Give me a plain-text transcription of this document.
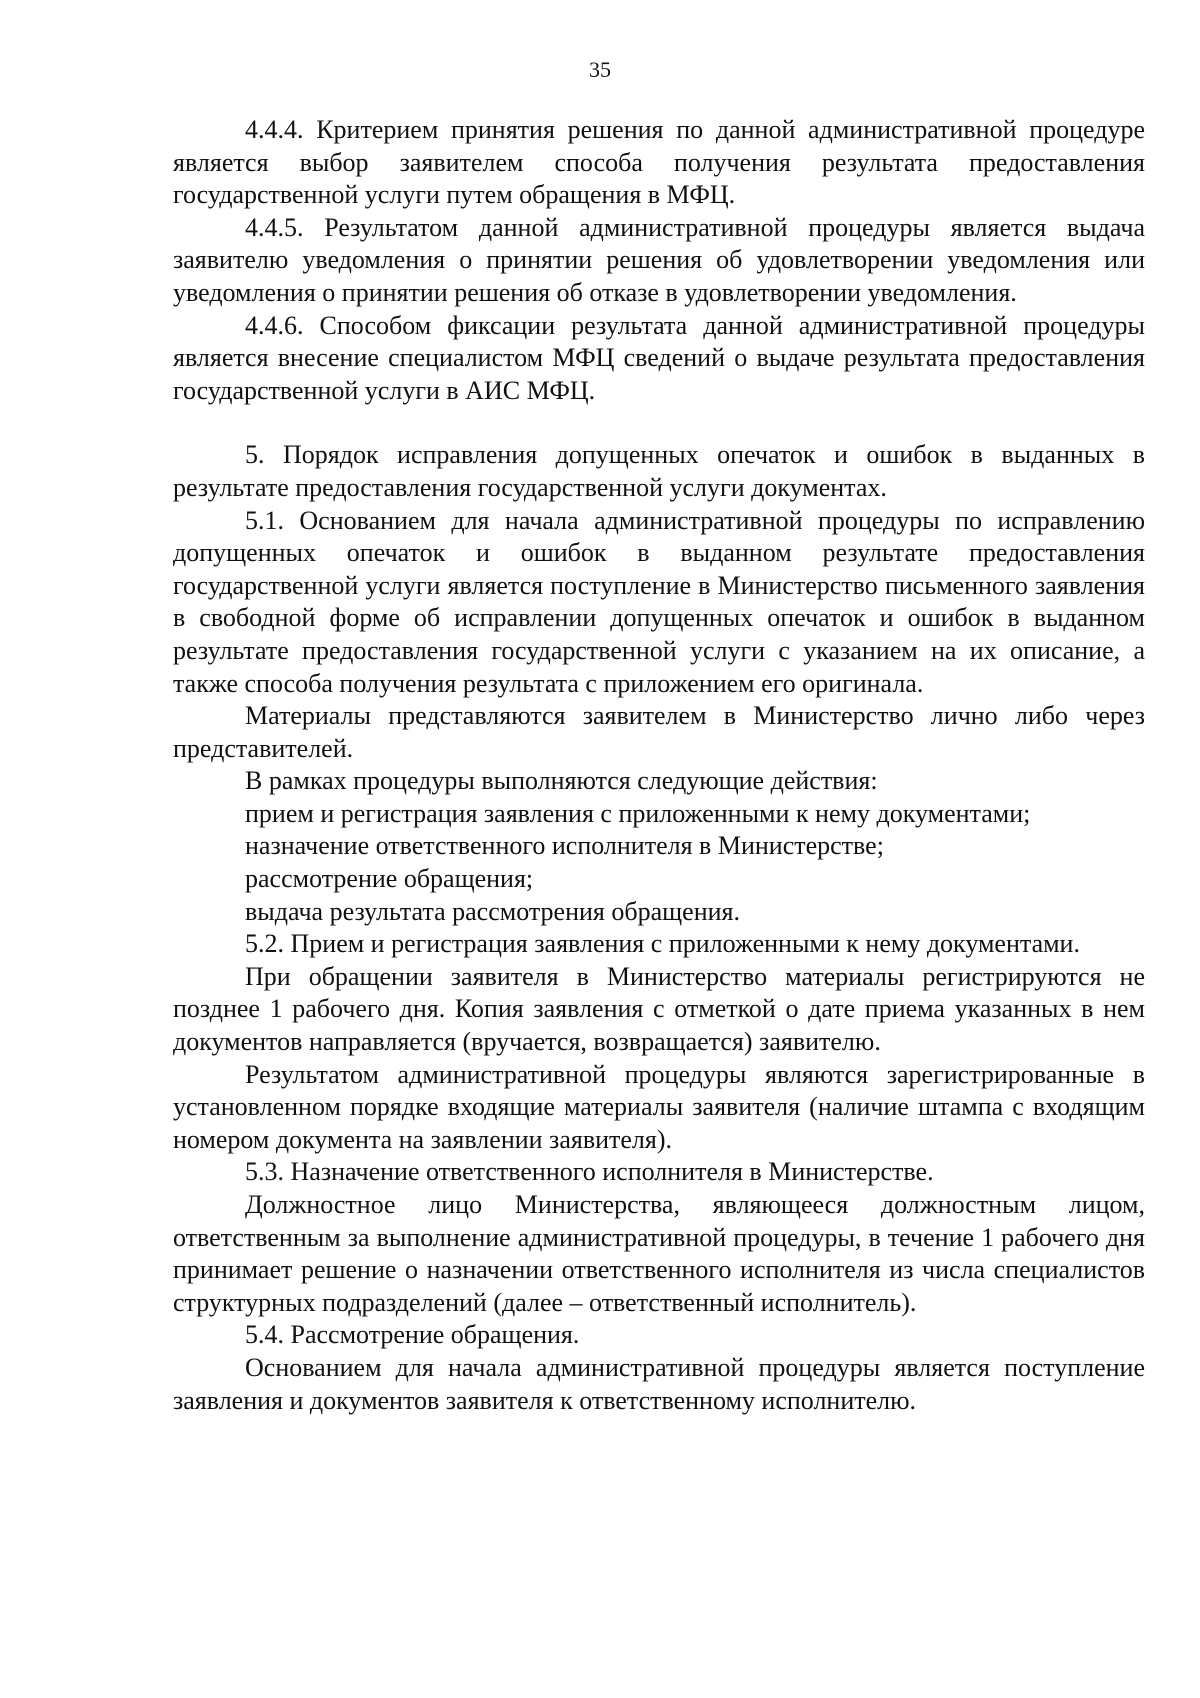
35

4.4.4. Критерием принятия решения по данной административной процедуре является выбор заявителем способа получения результата предоставления государственной услуги путем обращения в МФЦ.

4.4.5. Результатом данной административной процедуры является выдача заявителю уведомления о принятии решения об удовлетворении уведомления или уведомления о принятии решения об отказе в удовлетворении уведомления.

4.4.6. Способом фиксации результата данной административной процедуры является внесение специалистом МФЦ сведений о выдаче результата предоставления государственной услуги в АИС МФЦ.

5. Порядок исправления допущенных опечаток и ошибок в выданных в результате предоставления государственной услуги документах.

5.1. Основанием для начала административной процедуры по исправлению допущенных опечаток и ошибок в выданном результате предоставления государственной услуги является поступление в Министерство письменного заявления в свободной форме об исправлении допущенных опечаток и ошибок в выданном результате предоставления государственной услуги с указанием на их описание, а также способа получения результата с приложением его оригинала.

Материалы представляются заявителем в Министерство лично либо через представителей.

В рамках процедуры выполняются следующие действия:

прием и регистрация заявления с приложенными к нему документами;

назначение ответственного исполнителя в Министерстве;

рассмотрение обращения;

выдача результата рассмотрения обращения.

5.2. Прием и регистрация заявления с приложенными к нему документами.

При обращении заявителя в Министерство материалы регистрируются не позднее 1 рабочего дня. Копия заявления с отметкой о дате приема указанных в нем документов направляется (вручается, возвращается) заявителю.

Результатом административной процедуры являются зарегистрированные в установленном порядке входящие материалы заявителя (наличие штампа с входящим номером документа на заявлении заявителя).

5.3. Назначение ответственного исполнителя в Министерстве.

Должностное лицо Министерства, являющееся должностным лицом, ответственным за выполнение административной процедуры, в течение 1 рабочего дня принимает решение о назначении ответственного исполнителя из числа специалистов структурных подразделений (далее – ответственный исполнитель).

5.4. Рассмотрение обращения.

Основанием для начала административной процедуры является поступление заявления и документов заявителя к ответственному исполнителю.
